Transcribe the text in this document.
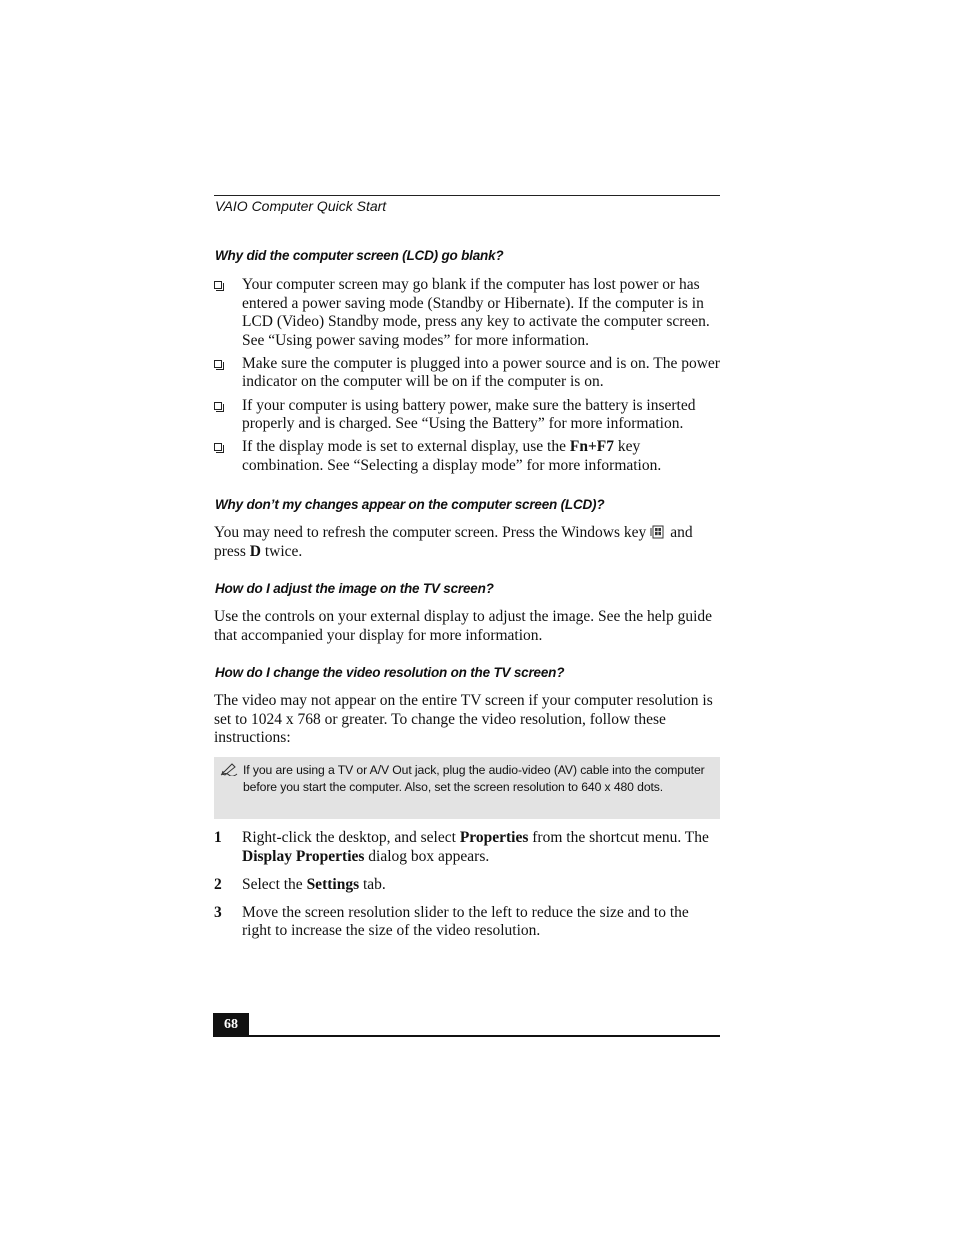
VAIO Computer Quick Start
Why did the computer screen (LCD) go blank?
Your computer screen may go blank if the computer has lost power or has entered a power saving mode (Standby or Hibernate). If the computer is in LCD (Video) Standby mode, press any key to activate the computer screen. See “Using power saving modes” for more information.
Make sure the computer is plugged into a power source and is on. The power indicator on the computer will be on if the computer is on.
If your computer is using battery power, make sure the battery is inserted properly and is charged. See “Using the Battery” for more information.
If the display mode is set to external display, use the Fn+F7 key combination. See “Selecting a display mode” for more information.
Why don’t my changes appear on the computer screen (LCD)?
You may need to refresh the computer screen. Press the Windows key and press D twice.
How do I adjust the image on the TV screen?
Use the controls on your external display to adjust the image. See the help guide that accompanied your display for more information.
How do I change the video resolution on the TV screen?
The video may not appear on the entire TV screen if your computer resolution is set to 1024 x 768 or greater. To change the video resolution, follow these instructions:
If you are using a TV or A/V Out jack, plug the audio-video (AV) cable into the computer before you start the computer. Also, set the screen resolution to 640 x 480 dots.
1 Right-click the desktop, and select Properties from the shortcut menu. The Display Properties dialog box appears.
2 Select the Settings tab.
3 Move the screen resolution slider to the left to reduce the size and to the right to increase the size of the video resolution.
68
